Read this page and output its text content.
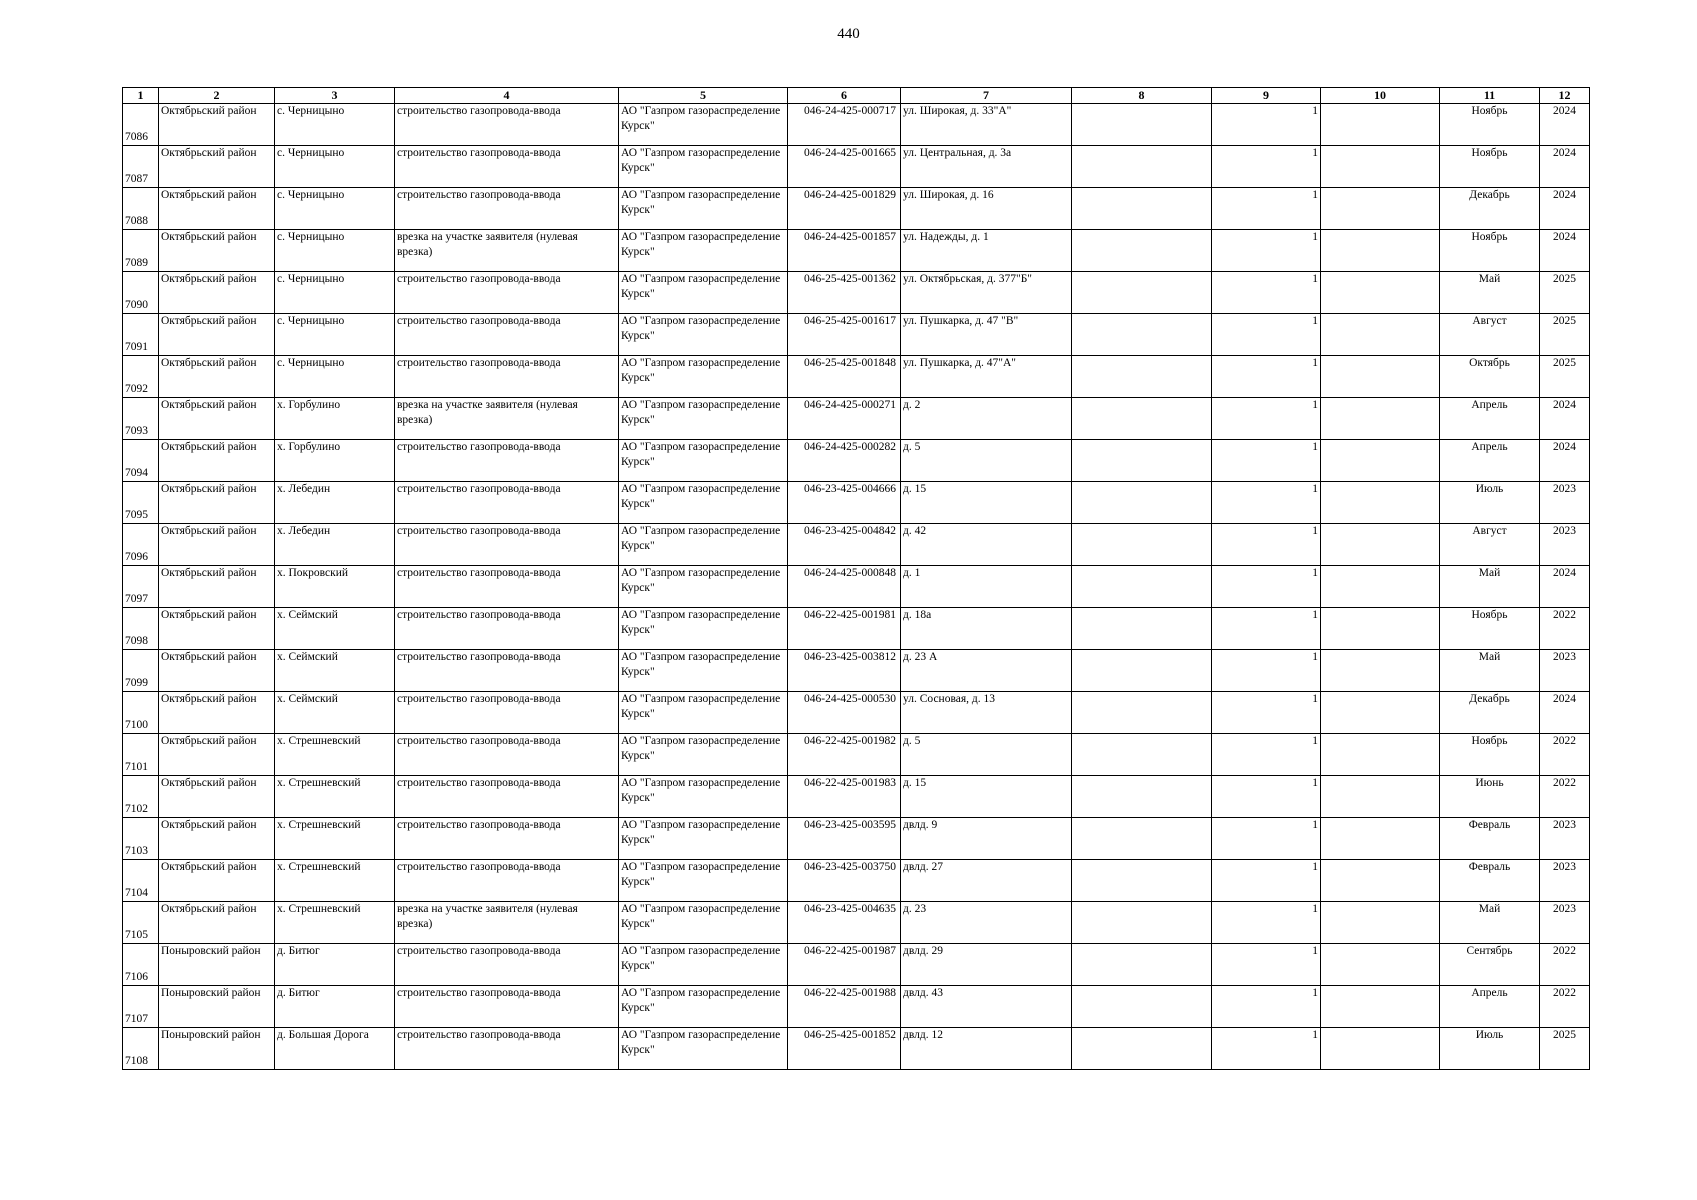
440
1	2	3	4	5	6	7	8	9	10	11	12
7086	Октябрьский район	с. Черницыно	строительство газопровода-ввода	АО "Газпром газораспределение Курск"	046-24-425-000717	ул. Широкая, д. 33"А"		1		Ноябрь	2024
7087	Октябрьский район	с. Черницыно	строительство газопровода-ввода	АО "Газпром газораспределение Курск"	046-24-425-001665	ул. Центральная, д. 3а		1		Ноябрь	2024
7088	Октябрьский район	с. Черницыно	строительство газопровода-ввода	АО "Газпром газораспределение Курск"	046-24-425-001829	ул. Широкая, д. 16		1		Декабрь	2024
7089	Октябрьский район	с. Черницыно	врезка на участке заявителя (нулевая врезка)	АО "Газпром газораспределение Курск"	046-24-425-001857	ул. Надежды, д. 1		1		Ноябрь	2024
7090	Октябрьский район	с. Черницыно	строительство газопровода-ввода	АО "Газпром газораспределение Курск"	046-25-425-001362	ул. Октябрьская, д. 377"Б"		1		Май	2025
7091	Октябрьский район	с. Черницыно	строительство газопровода-ввода	АО "Газпром газораспределение Курск"	046-25-425-001617	ул. Пушкарка, д. 47 "В"		1		Август	2025
7092	Октябрьский район	с. Черницыно	строительство газопровода-ввода	АО "Газпром газораспределение Курск"	046-25-425-001848	ул. Пушкарка, д. 47"А"		1		Октябрь	2025
7093	Октябрьский район	х. Горбулино	врезка на участке заявителя (нулевая врезка)	АО "Газпром газораспределение Курск"	046-24-425-000271	д. 2		1		Апрель	2024
7094	Октябрьский район	х. Горбулино	строительство газопровода-ввода	АО "Газпром газораспределение Курск"	046-24-425-000282	д. 5		1		Апрель	2024
7095	Октябрьский район	х. Лебедин	строительство газопровода-ввода	АО "Газпром газораспределение Курск"	046-23-425-004666	д. 15		1		Июль	2023
7096	Октябрьский район	х. Лебедин	строительство газопровода-ввода	АО "Газпром газораспределение Курск"	046-23-425-004842	д. 42		1		Август	2023
7097	Октябрьский район	х. Покровский	строительство газопровода-ввода	АО "Газпром газораспределение Курск"	046-24-425-000848	д. 1		1		Май	2024
7098	Октябрьский район	х. Сеймский	строительство газопровода-ввода	АО "Газпром газораспределение Курск"	046-22-425-001981	д. 18а		1		Ноябрь	2022
7099	Октябрьский район	х. Сеймский	строительство газопровода-ввода	АО "Газпром газораспределение Курск"	046-23-425-003812	д. 23 А		1		Май	2023
7100	Октябрьский район	х. Сеймский	строительство газопровода-ввода	АО "Газпром газораспределение Курск"	046-24-425-000530	ул. Сосновая, д. 13		1		Декабрь	2024
7101	Октябрьский район	х. Стрешневский	строительство газопровода-ввода	АО "Газпром газораспределение Курск"	046-22-425-001982	д. 5		1		Ноябрь	2022
7102	Октябрьский район	х. Стрешневский	строительство газопровода-ввода	АО "Газпром газораспределение Курск"	046-22-425-001983	д. 15		1		Июнь	2022
7103	Октябрьский район	х. Стрешневский	строительство газопровода-ввода	АО "Газпром газораспределение Курск"	046-23-425-003595	двлд. 9		1		Февраль	2023
7104	Октябрьский район	х. Стрешневский	строительство газопровода-ввода	АО "Газпром газораспределение Курск"	046-23-425-003750	двлд. 27		1		Февраль	2023
7105	Октябрьский район	х. Стрешневский	врезка на участке заявителя (нулевая врезка)	АО "Газпром газораспределение Курск"	046-23-425-004635	д. 23		1		Май	2023
7106	Поныровский район	д. Битюг	строительство газопровода-ввода	АО "Газпром газораспределение Курск"	046-22-425-001987	двлд. 29		1		Сентябрь	2022
7107	Поныровский район	д. Битюг	строительство газопровода-ввода	АО "Газпром газораспределение Курск"	046-22-425-001988	двлд. 43		1		Апрель	2022
7108	Поныровский район	д. Большая Дорога	строительство газопровода-ввода	АО "Газпром газораспределение Курск"	046-25-425-001852	двлд. 12		1		Июль	2025
